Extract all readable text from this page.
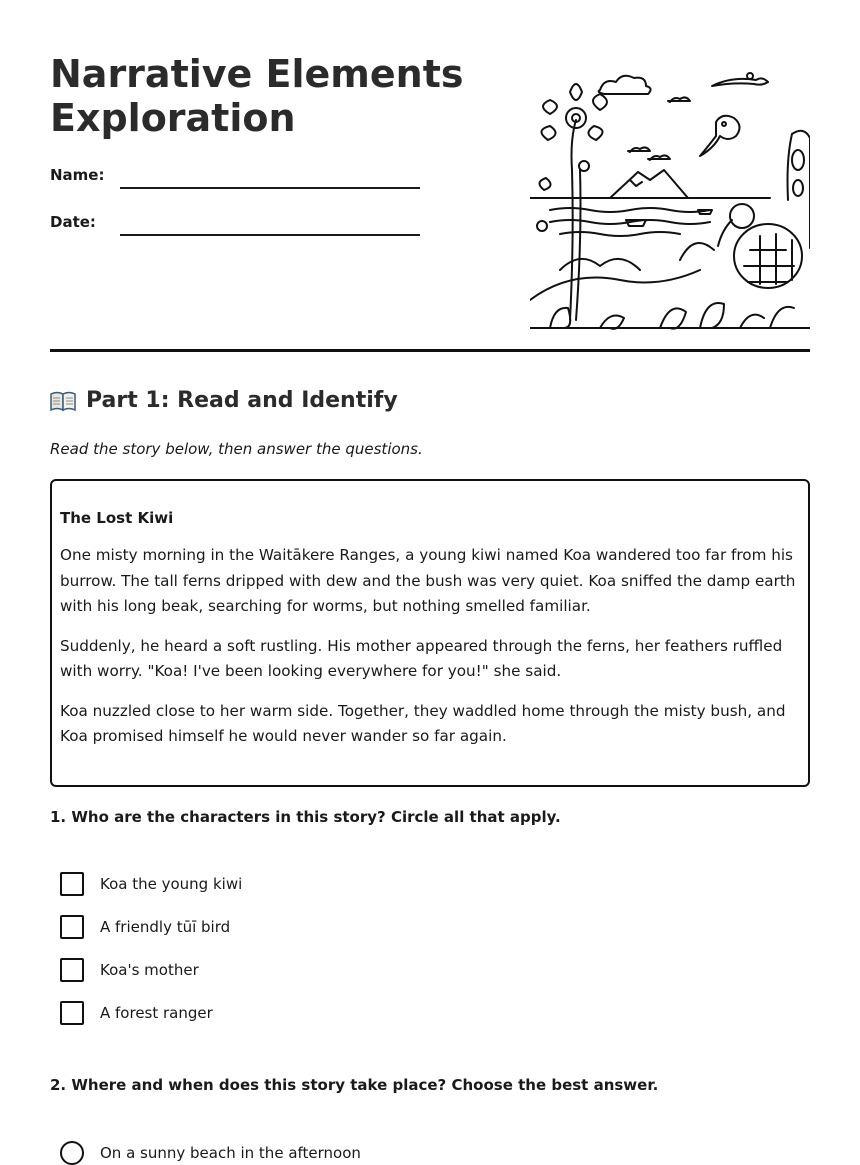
Narrative Elements
Exploration
Name:
Date:
Part 1: Read and Identify

Read the story below, then answer the questions.

The Lost Kiwi

One misty morning in the Waitākere Ranges, a young kiwi named Koa wandered too far from his burrow. The tall ferns dripped with dew and the bush was very quiet. Koa sniffed the damp earth with his long beak, searching for worms, but nothing smelled familiar.

Suddenly, he heard a soft rustling. His mother appeared through the ferns, her feathers ruffled with worry. "Koa! I've been looking everywhere for you!" she said.

Koa nuzzled close to her warm side. Together, they waddled home through the misty bush, and Koa promised himself he would never wander so far again.

1. Who are the characters in this story? Circle all that apply.

Koa the young kiwi
A friendly tūī bird
Koa's mother
A forest ranger

2. Where and when does this story take place? Choose the best answer.

On a sunny beach in the afternoon
